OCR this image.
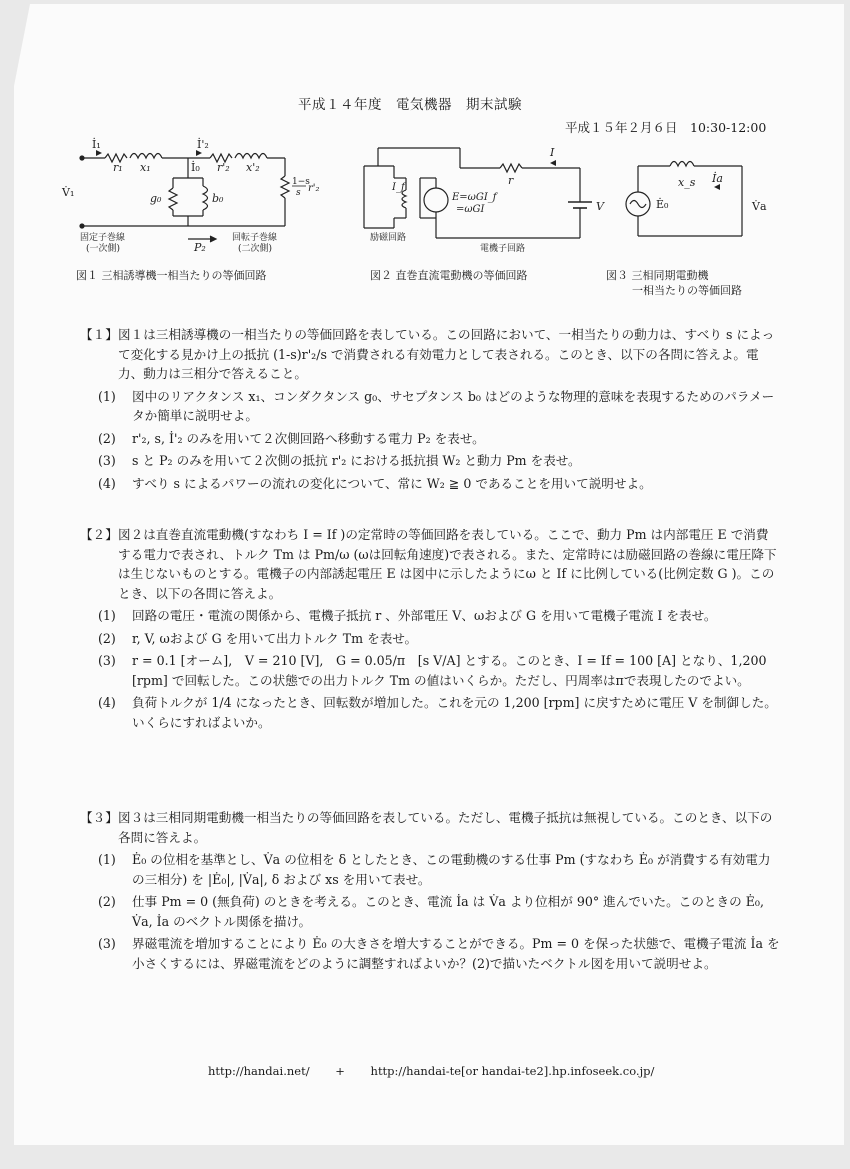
平成１４年度　電気機器　期末試験
平成１５年２月６日　10:30-12:00
İ₁
r₁ x₁
İ'₂
İ₀ r'₂ x'₂
V̇₁	g₀	b₀
1−s
s r'₂
固定子巻線
(一次側)	P₂
回転子巻線
(二次側)
図１ 三相誘導機一相当たりの等価回路
I
r
V
I_f
E=ωGI_f
=ωGI
励磁回路
電機子回路
図２ 直巻直流電動機の等価回路
x_s İa
Ė₀	V̇a
図３ 三相同期電動機
一相当たりの等価回路
【１】 図１は三相誘導機の一相当たりの等価回路を表している。この回路において、一相当たりの動力は、すべり s によって変化する見かけ上の抵抗 (1-s)r'₂/s で消費される有効電力として表される。このとき、以下の各問に答えよ。電力、動力は三相分で答えること。
(1) 図中のリアクタンス x₁、コンダクタンス g₀、サセプタンス b₀ はどのような物理的意味を表現するためのパラメータか簡単に説明せよ。
(2) r'₂, s, İ'₂ のみを用いて２次側回路へ移動する電力 P₂ を表せ。
(3) s と P₂ のみを用いて２次側の抵抗 r'₂ における抵抗損 W₂ と動力 Pm を表せ。
(4) すべり s によるパワーの流れの変化について、常に W₂ ≧ 0 であることを用いて説明せよ。
【２】 図２は直巻直流電動機(すなわち I = If )の定常時の等価回路を表している。ここで、動力 Pm は内部電圧 E で消費する電力で表され、トルク Tm は Pm/ω (ωは回転角速度)で表される。また、定常時には励磁回路の巻線に電圧降下は生じないものとする。電機子の内部誘起電圧 E は図中に示したようにω と If に比例している(比例定数 G )。このとき、以下の各問に答えよ。
(1) 回路の電圧・電流の関係から、電機子抵抗 r 、外部電圧 V、ωおよび G を用いて電機子電流 I を表せ。
(2) r, V, ωおよび G を用いて出力トルク Tm を表せ。
(3) r = 0.1 [オーム],　V = 210 [V],　G = 0.05/π　[s V/A] とする。このとき、I = If = 100 [A] となり、1,200 [rpm] で回転した。この状態での出力トルク Tm の値はいくらか。ただし、円周率はπで表現したのでよい。
(4) 負荷トルクが 1/4 になったとき、回転数が増加した。これを元の 1,200 [rpm] に戻すために電圧 V を制御した。いくらにすればよいか。
【３】 図３は三相同期電動機一相当たりの等価回路を表している。ただし、電機子抵抗は無視している。このとき、以下の各問に答えよ。
(1) Ė₀ の位相を基準とし、V̇a の位相を δ としたとき、この電動機のする仕事 Pm (すなわち Ė₀ が消費する有効電力の三相分) を |Ė₀|, |V̇a|, δ および xs を用いて表せ。
(2) 仕事 Pm = 0 (無負荷) のときを考える。このとき、電流 İa は V̇a より位相が 90° 進んでいた。このときの Ė₀, V̇a, İa のベクトル関係を描け。
(3) 界磁電流を増加することにより Ė₀ の大きさを増大することができる。Pm = 0 を保った状態で、電機子電流 İa を小さくするには、界磁電流をどのように調整すればよいか？(2)で描いたベクトル図を用いて説明せよ。
http://handai.net/ + http://handai-te[or handai-te2].hp.infoseek.co.jp/
